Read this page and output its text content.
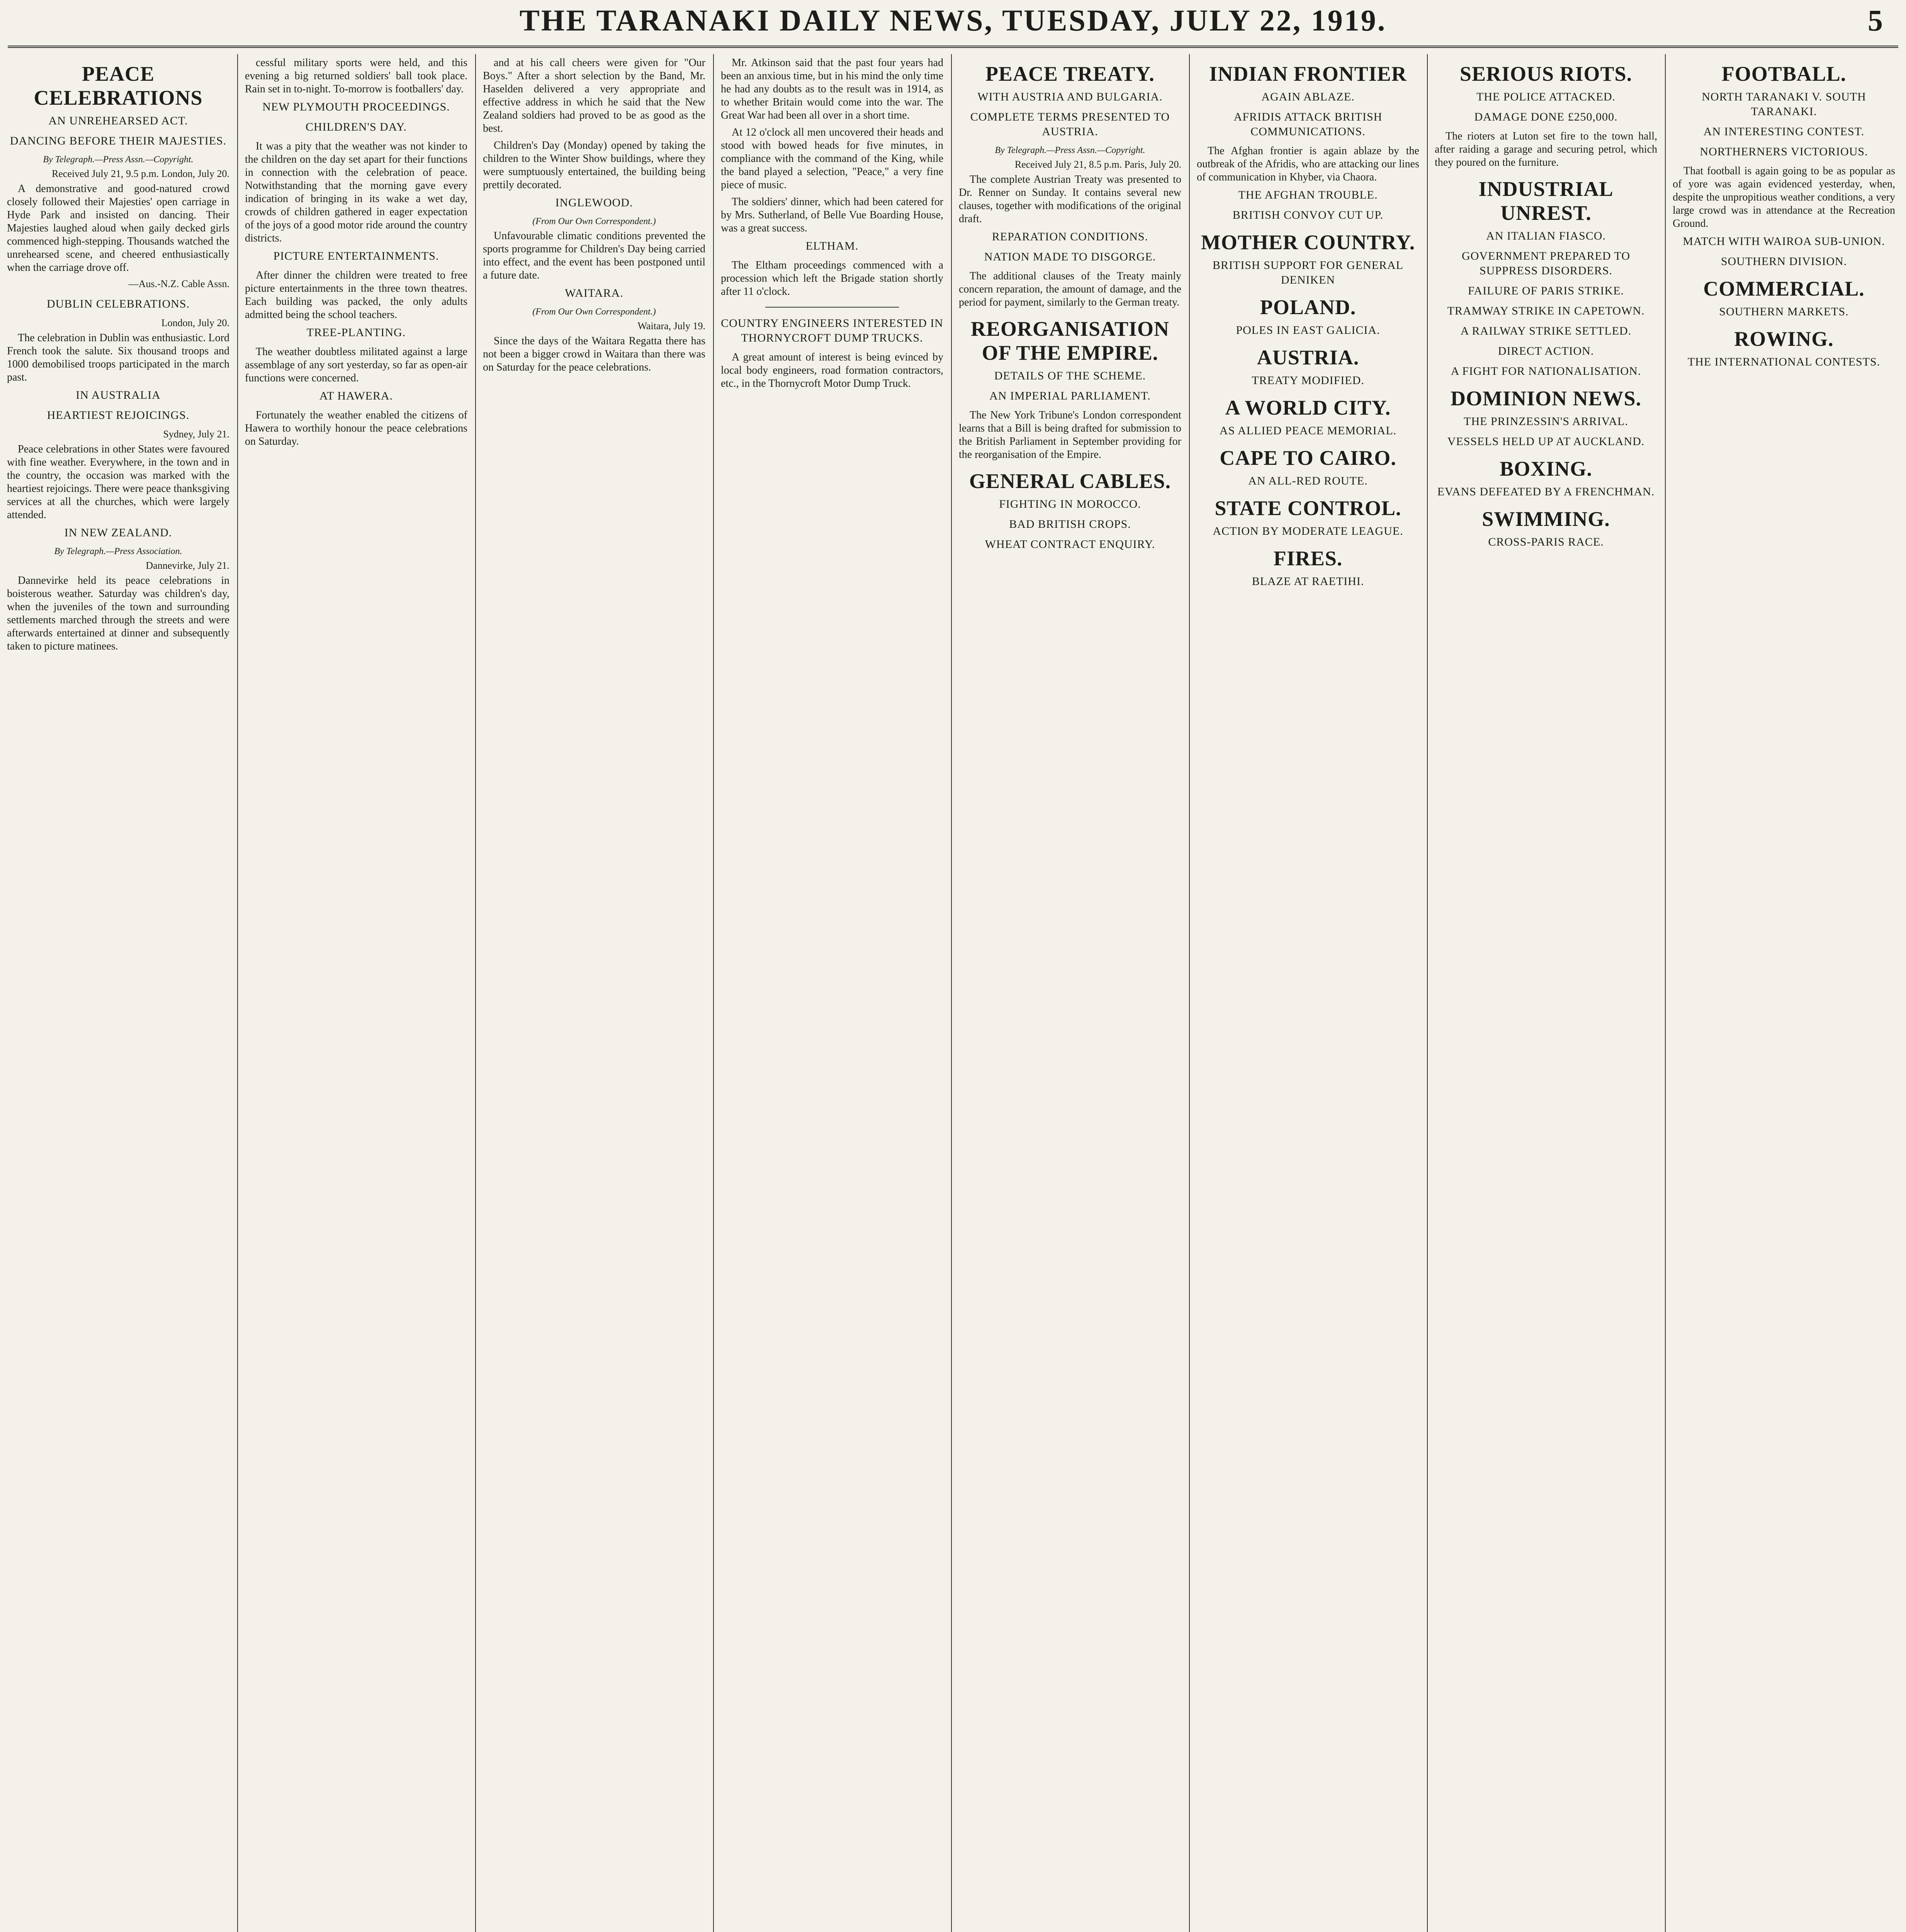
THE TARANAKI DAILY NEWS, TUESDAY, JULY 22, 1919.	5
PEACE CELEBRATIONS
AN UNREHEARSED ACT.
DANCING BEFORE THEIR MAJESTIES.
By Telegraph.—Press Assn.—Copyright.
Received July 21, 9.5 p.m. London, July 20.

A demonstrative and good-natured crowd closely followed their Majesties' open carriage in Hyde Park and insisted on dancing. Their Majesties laughed aloud when gaily decked girls commenced high-stepping. Thousands watched the unrehearsed scene, and cheered enthusiastically when the carriage drove off.

—Aus.-N.Z. Cable Assn.
DUBLIN CELEBRATIONS.
London, July 20.

The celebration in Dublin was enthusiastic. Lord French took the salute. Six thousand troops and 1000 demobilised troops participated in the march past.

IN AUSTRALIA
HEARTIEST REJOICINGS.
Sydney, July 21.

Peace celebrations in other States were favoured with fine weather. Everywhere, in the town and in the country, the occasion was marked with the heartiest rejoicings. There were peace thanksgiving services at all the churches, which were largely attended.

IN NEW ZEALAND.
By Telegraph.—Press Association.
Dannevirke, July 21.

Dannevirke held its peace celebrations in boisterous weather. Saturday was children's day, when the juveniles of the town and surrounding settlements marched through the streets and were afterwards entertained at dinner and subsequently taken to picture matinees.

cessful military sports were held, and this evening a big returned soldiers' ball took place. Rain set in to-night. To-morrow is footballers' day.

NEW PLYMOUTH PROCEEDINGS.
CHILDREN'S DAY.

It was a pity that the weather was not kinder to the children on the day set apart for their functions in connection with the celebration of peace. Notwithstanding that the morning gave every indication of bringing in its wake a wet day, crowds of children gathered in eager expectation of the joys of a good motor ride around the country districts.

PICTURE ENTERTAINMENTS.

After dinner the children were treated to free picture entertainments in the three town theatres. Each building was packed, the only adults admitted being the school teachers.

TREE-PLANTING.

The weather doubtless militated against a large assemblage of any sort yesterday, so far as open-air functions were concerned.

AT HAWERA.

Fortunately the weather enabled the citizens of Hawera to worthily honour the peace celebrations on Saturday.

and at his call cheers were given for "Our Boys." After a short selection by the Band, Mr. Haselden delivered a very appropriate and effective address in which he said that the New Zealand soldiers had proved to be as good as the best.

Children's Day (Monday) opened by taking the children to the Winter Show buildings, where they were sumptuously entertained, the building being prettily decorated.

INGLEWOOD.
(From Our Own Correspondent.)

Unfavourable climatic conditions prevented the sports programme for Children's Day being carried into effect, and the event has been postponed until a future date.

WAITARA.
(From Our Own Correspondent.)
Waitara, July 19.

Since the days of the Waitara Regatta there has not been a bigger crowd in Waitara than there was on Saturday for the peace celebrations.

Mr. Atkinson said that the past four years had been an anxious time, but in his mind the only time he had any doubts as to the result was in 1914, as to whether Britain would come into the war. The Great War had been all over in a short time.

At 12 o'clock all men uncovered their heads and stood with bowed heads for five minutes, in compliance with the command of the King, while the band played a selection, "Peace," a very fine piece of music.

The soldiers' dinner, which had been catered for by Mrs. Sutherland, of Belle Vue Boarding House, was a great success.

ELTHAM.

The Eltham proceedings commenced with a procession which left the Brigade station shortly after 11 o'clock.

COUNTRY ENGINEERS INTERESTED IN THORNYCROFT DUMP TRUCKS.

A great amount of interest is being evinced by local body engineers, road formation contractors, etc., in the Thornycroft Motor Dump Truck.

PEACE TREATY.
WITH AUSTRIA AND BULGARIA.
COMPLETE TERMS PRESENTED TO AUSTRIA.
By Telegraph.—Press Assn.—Copyright.
Received July 21, 8.5 p.m. Paris, July 20.

The complete Austrian Treaty was presented to Dr. Renner on Sunday. It contains several new clauses, together with modifications of the original draft.

REPARATION CONDITIONS.
NATION MADE TO DISGORGE.

The additional clauses of the Treaty mainly concern reparation, the amount of damage, and the period for payment, similarly to the German treaty.

REORGANISATION OF THE EMPIRE.
DETAILS OF THE SCHEME.
AN IMPERIAL PARLIAMENT.

The New York Tribune's London correspondent learns that a Bill is being drafted for submission to the British Parliament in September providing for the reorganisation of the Empire.

GENERAL CABLES.
FIGHTING IN MOROCCO.
BAD BRITISH CROPS.
WHEAT CONTRACT ENQUIRY.
INDIAN FRONTIER
AGAIN ABLAZE.
AFRIDIS ATTACK BRITISH COMMUNICATIONS.

The Afghan frontier is again ablaze by the outbreak of the Afridis, who are attacking our lines of communication in Khyber, via Chaora.

THE AFGHAN TROUBLE.
BRITISH CONVOY CUT UP.
MOTHER COUNTRY.
BRITISH SUPPORT FOR GENERAL DENIKEN
POLAND.
POLES IN EAST GALICIA.
AUSTRIA.
TREATY MODIFIED.
A WORLD CITY.
AS ALLIED PEACE MEMORIAL.
CAPE TO CAIRO.
AN ALL-RED ROUTE.
STATE CONTROL.
ACTION BY MODERATE LEAGUE.
FIRES.
BLAZE AT RAETIHI.
SERIOUS RIOTS.
THE POLICE ATTACKED.
DAMAGE DONE £250,000.

The rioters at Luton set fire to the town hall, after raiding a garage and securing petrol, which they poured on the furniture.

INDUSTRIAL UNREST.
AN ITALIAN FIASCO.
GOVERNMENT PREPARED TO SUPPRESS DISORDERS.
FAILURE OF PARIS STRIKE.
TRAMWAY STRIKE IN CAPETOWN.
A RAILWAY STRIKE SETTLED.
DIRECT ACTION.
A FIGHT FOR NATIONALISATION.
DOMINION NEWS.
THE PRINZESSIN'S ARRIVAL.
VESSELS HELD UP AT AUCKLAND.
BOXING.
EVANS DEFEATED BY A FRENCHMAN.
SWIMMING.
CROSS-PARIS RACE.
FOOTBALL.
NORTH TARANAKI V. SOUTH TARANAKI.
AN INTERESTING CONTEST.
NORTHERNERS VICTORIOUS.

That football is again going to be as popular as of yore was again evidenced yesterday, when, despite the unpropitious weather conditions, a very large crowd was in attendance at the Recreation Ground.

MATCH WITH WAIROA SUB-UNION.
SOUTHERN DIVISION.
COMMERCIAL.
SOUTHERN MARKETS.
ROWING.
THE INTERNATIONAL CONTESTS.
